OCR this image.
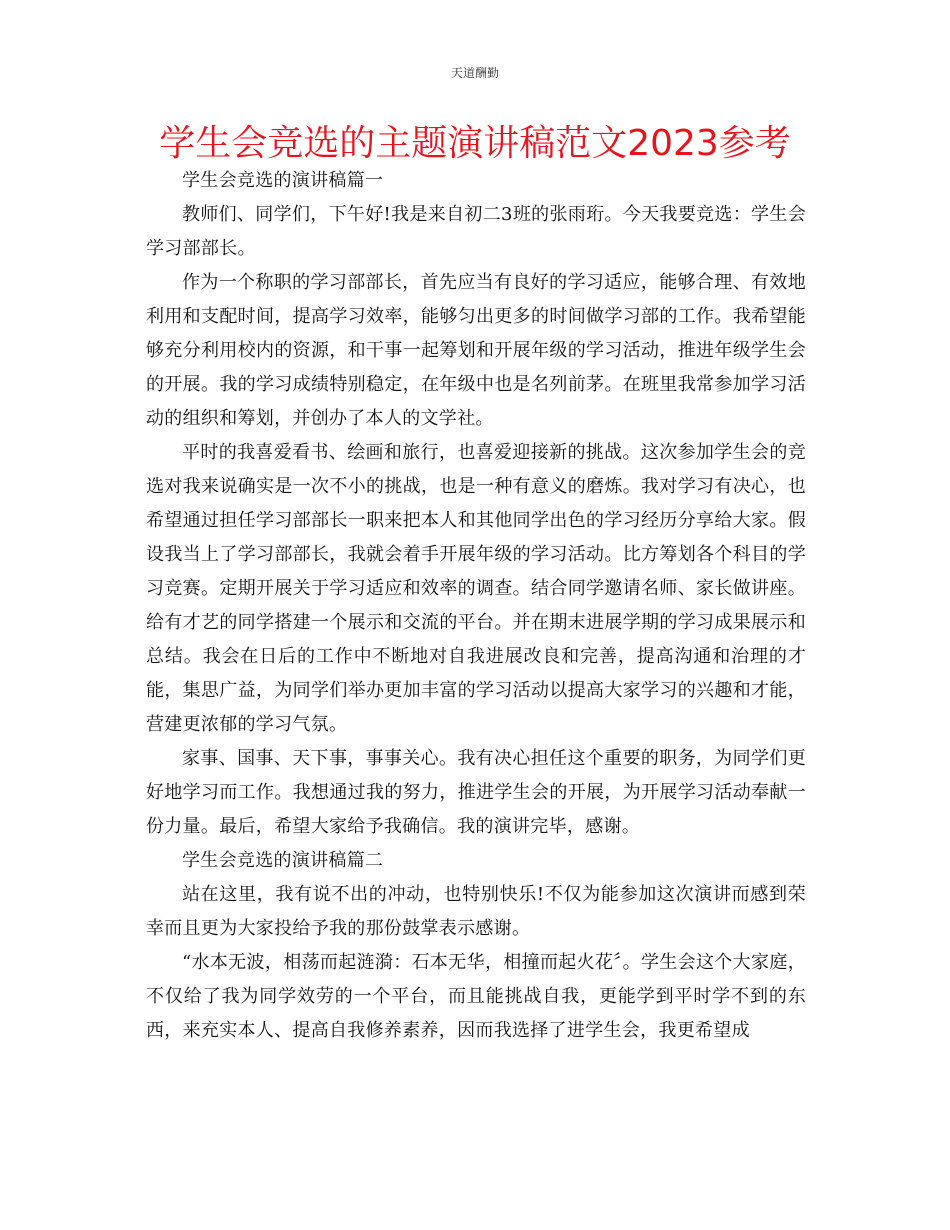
天道酬勤
学生会竞选的主题演讲稿范文2023参考

学生会竞选的演讲稿篇一

教师们、同学们，下午好!我是来自初二3班的张雨珩。今天我要竞选：学生会学习部部长。

作为一个称职的学习部部长，首先应当有良好的学习适应，能够合理、有效地利用和支配时间，提高学习效率，能够匀出更多的时间做学习部的工作。我希望能够充分利用校内的资源，和干事一起筹划和开展年级的学习活动，推进年级学生会的开展。我的学习成绩特别稳定，在年级中也是名列前茅。在班里我常参加学习活动的组织和筹划，并创办了本人的文学社。

平时的我喜爱看书、绘画和旅行，也喜爱迎接新的挑战。这次参加学生会的竞选对我来说确实是一次不小的挑战，也是一种有意义的磨炼。我对学习有决心，也希望通过担任学习部部长一职来把本人和其他同学出色的学习经历分享给大家。假设我当上了学习部部长，我就会着手开展年级的学习活动。比方筹划各个科目的学习竞赛。定期开展关于学习适应和效率的调查。结合同学邀请名师、家长做讲座。给有才艺的同学搭建一个展示和交流的平台。并在期末进展学期的学习成果展示和总结。我会在日后的工作中不断地对自我进展改良和完善，提高沟通和治理的才能，集思广益，为同学们举办更加丰富的学习活动以提高大家学习的兴趣和才能，营建更浓郁的学习气氛。

家事、国事、天下事，事事关心。我有决心担任这个重要的职务，为同学们更好地学习而工作。我想通过我的努力，推进学生会的开展，为开展学习活动奉献一份力量。最后，希望大家给予我确信。我的演讲完毕，感谢。

学生会竞选的演讲稿篇二

站在这里，我有说不出的冲动，也特别快乐!不仅为能参加这次演讲而感到荣幸而且更为大家投给予我的那份鼓掌表示感谢。

“水本无波，相荡而起涟漪：石本无华，相撞而起火花〞。学生会这个大家庭，不仅给了我为同学效劳的一个平台，而且能挑战自我，更能学到平时学不到的东西，来充实本人、提高自我修养素养，因而我选择了进学生会，我更希望成
